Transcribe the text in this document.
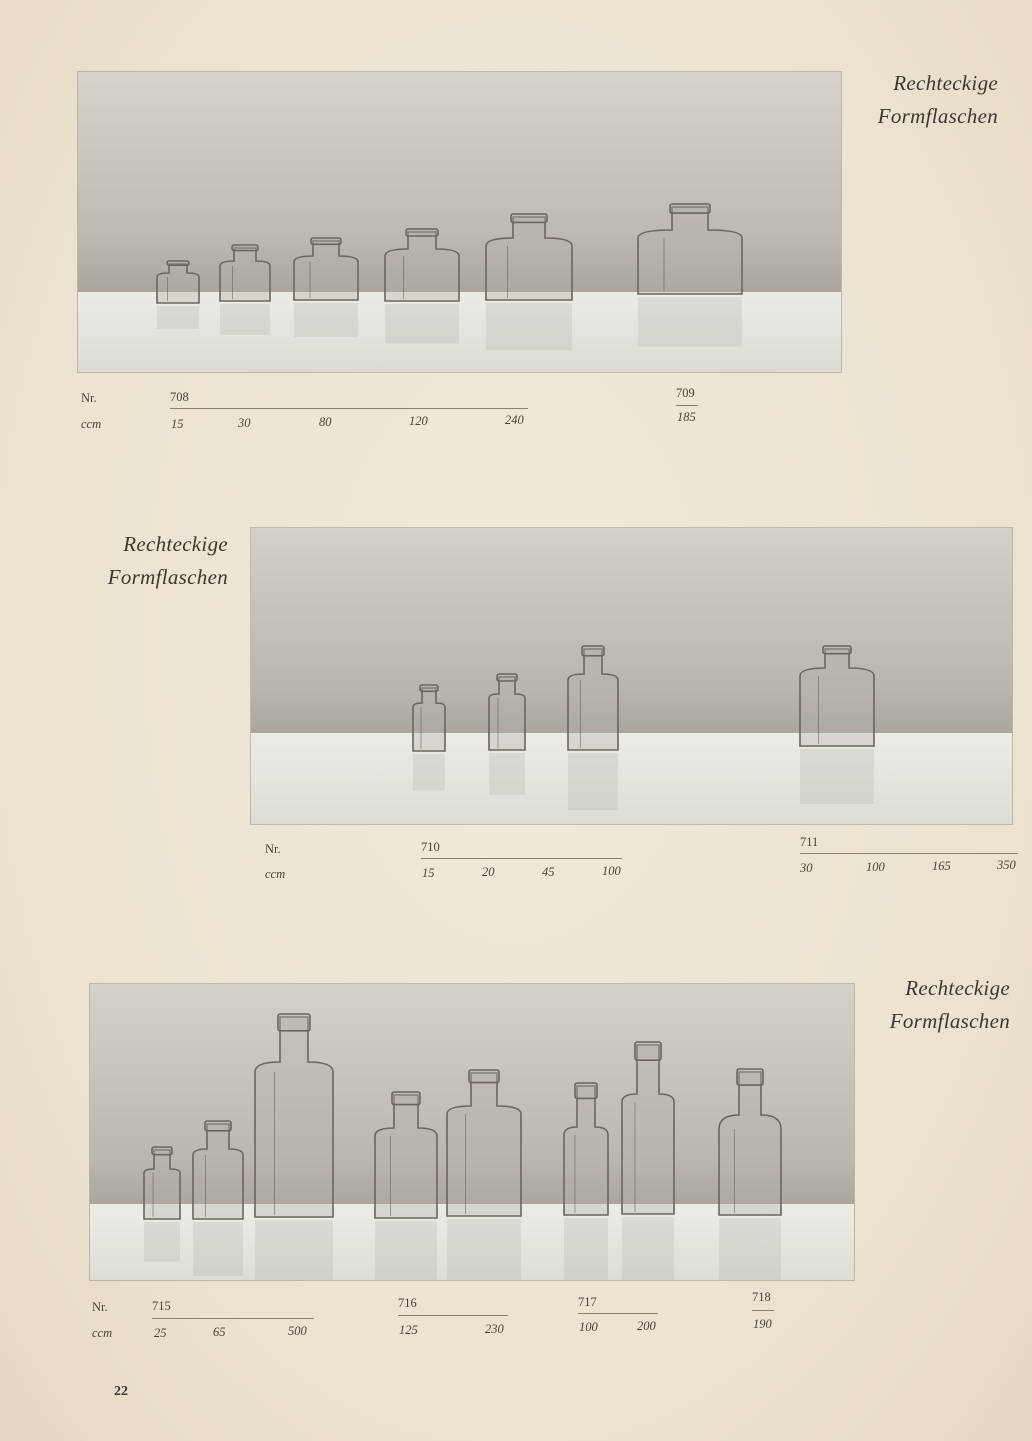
Rechteckige
Formflaschen
Nr.
ccm
708
15	30	80	120	240
709
185
Rechteckige
Formflaschen
Nr.
ccm
710
15	20	45	100
711
30	100	165	350
Rechteckige
Formflaschen
Nr.
ccm
715
25	65	500
716
125	230
717
100	200
718
190
22
